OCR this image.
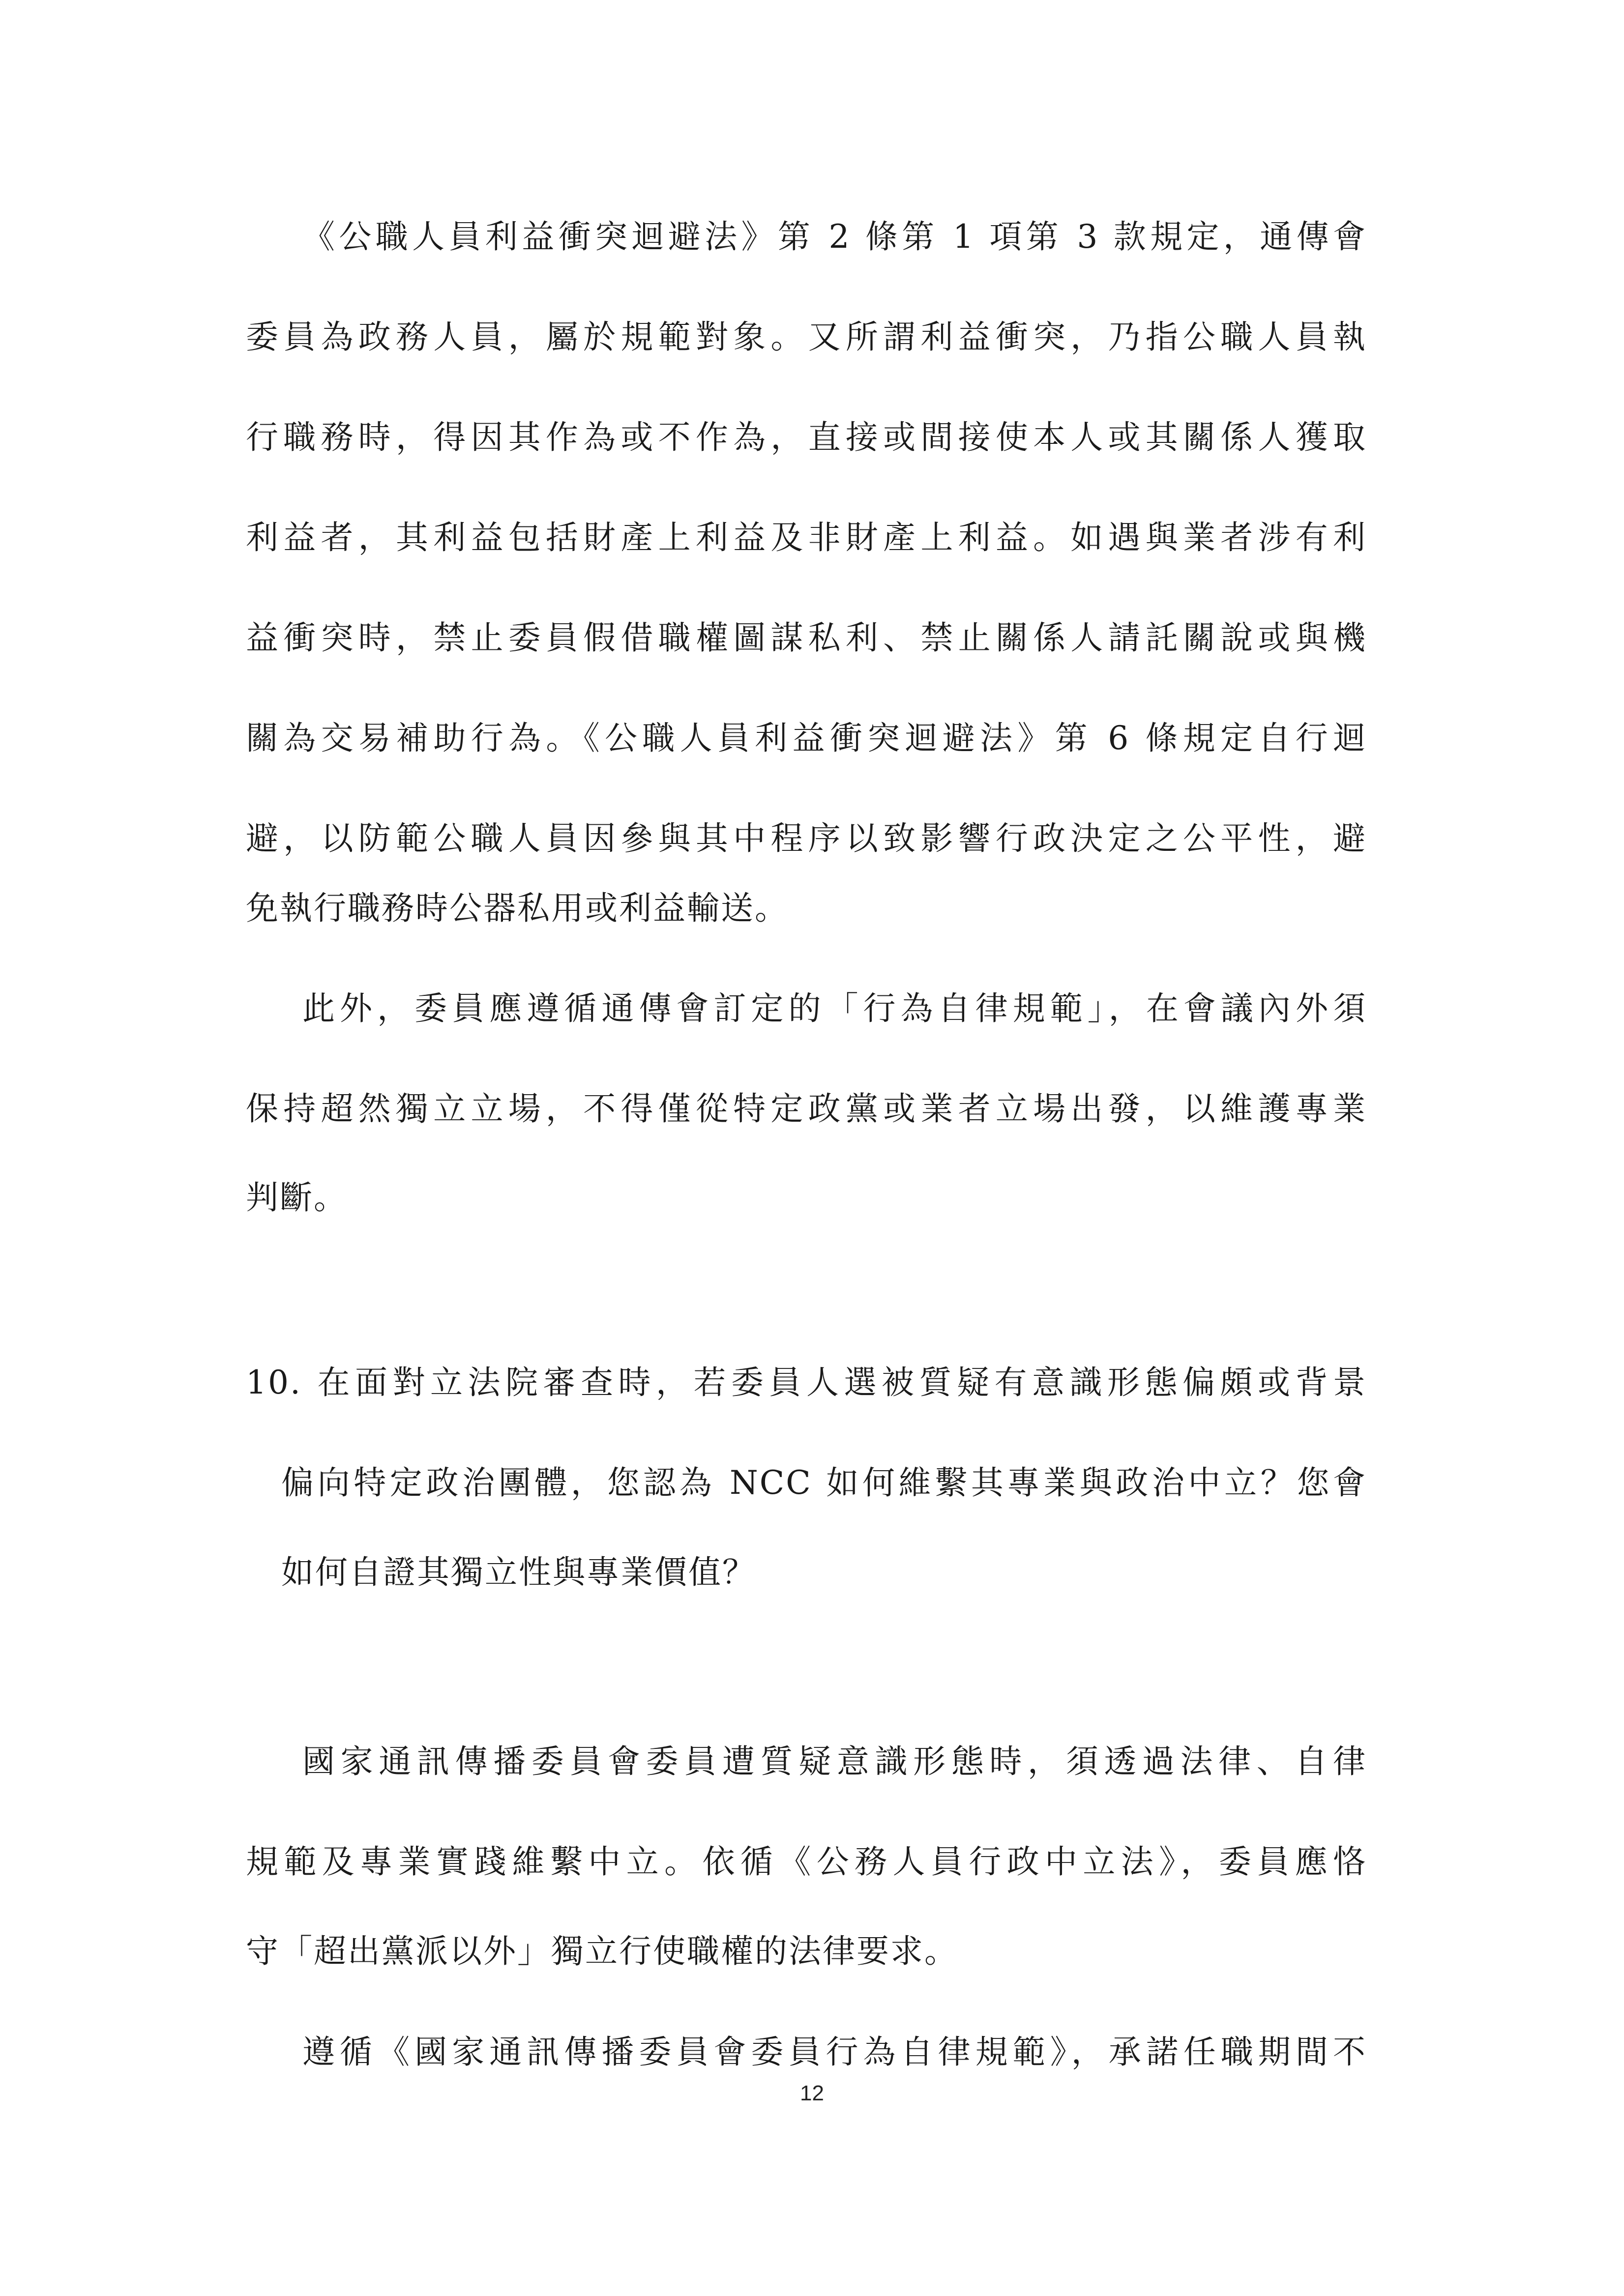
《公職人員利益衝突迴避法》第 2 條第 1 項第 3 款規定，通傳會
委員為政務人員，屬於規範對象。又所謂利益衝突，乃指公職人員執
行職務時，得因其作為或不作為，直接或間接使本人或其關係人獲取
利益者，其利益包括財產上利益及非財產上利益。如遇與業者涉有利
益衝突時，禁止委員假借職權圖謀私利、禁止關係人請託關說或與機
關為交易補助行為。《公職人員利益衝突迴避法》第 6 條規定自行迴
避，以防範公職人員因參與其中程序以致影響行政決定之公平性，避
免執行職務時公器私用或利益輸送。
此外，委員應遵循通傳會訂定的「行為自律規範」，在會議內外須
保持超然獨立立場，不得僅從特定政黨或業者立場出發，以維護專業
判斷。
10. 在面對立法院審查時，若委員人選被質疑有意識形態偏頗或背景
偏向特定政治團體，您認為 NCC 如何維繫其專業與政治中立？您會
如何自證其獨立性與專業價值？
國家通訊傳播委員會委員遭質疑意識形態時，須透過法律、自律
規範及專業實踐維繫中立。依循《公務人員行政中立法》，委員應恪
守「超出黨派以外」獨立行使職權的法律要求。
遵循《國家通訊傳播委員會委員行為自律規範》，承諾任職期間不
12
